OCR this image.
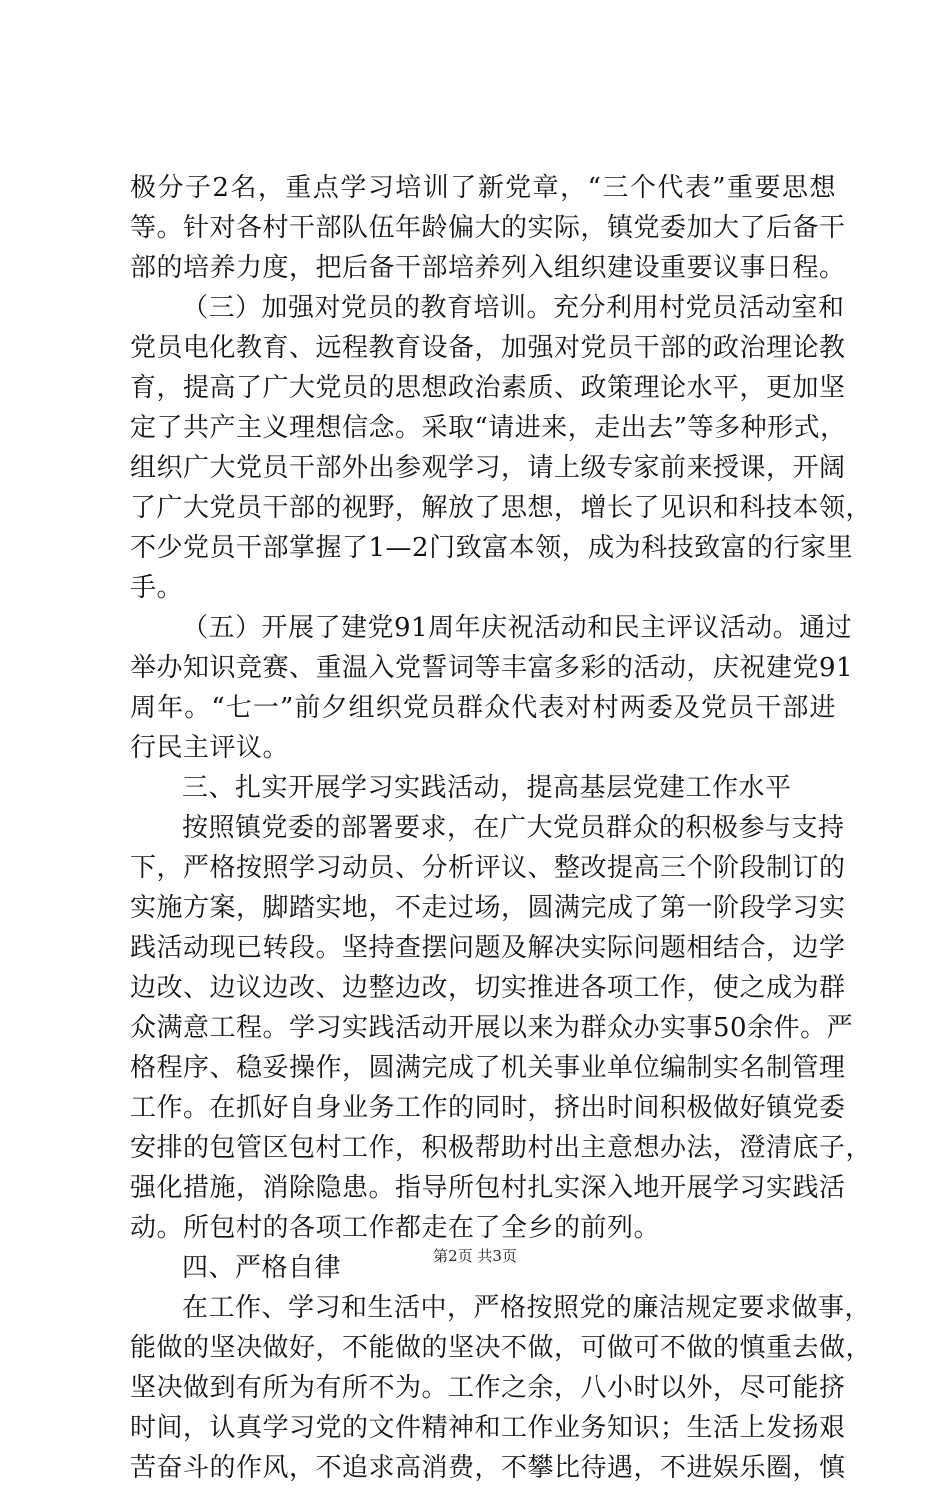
极分子2名，重点学习培训了新党章，“三个代表”重要思想
等。针对各村干部队伍年龄偏大的实际，镇党委加大了后备干
部的培养力度，把后备干部培养列入组织建设重要议事日程。
（三）加强对党员的教育培训。充分利用村党员活动室和
党员电化教育、远程教育设备，加强对党员干部的政治理论教
育，提高了广大党员的思想政治素质、政策理论水平，更加坚
定了共产主义理想信念。采取“请进来，走出去”等多种形式，
组织广大党员干部外出参观学习，请上级专家前来授课，开阔
了广大党员干部的视野，解放了思想，增长了见识和科技本领，
不少党员干部掌握了1—2门致富本领，成为科技致富的行家里
手。
（五）开展了建党91周年庆祝活动和民主评议活动。通过
举办知识竞赛、重温入党誓词等丰富多彩的活动，庆祝建党91
周年。“七一”前夕组织党员群众代表对村两委及党员干部进
行民主评议。
三、扎实开展学习实践活动，提高基层党建工作水平
按照镇党委的部署要求，在广大党员群众的积极参与支持
下，严格按照学习动员、分析评议、整改提高三个阶段制订的
实施方案，脚踏实地，不走过场，圆满完成了第一阶段学习实
践活动现已转段。坚持查摆问题及解决实际问题相结合，边学
边改、边议边改、边整边改，切实推进各项工作，使之成为群
众满意工程。学习实践活动开展以来为群众办实事50余件。严
格程序、稳妥操作，圆满完成了机关事业单位编制实名制管理
工作。在抓好自身业务工作的同时，挤出时间积极做好镇党委
安排的包管区包村工作，积极帮助村出主意想办法，澄清底子，
强化措施，消除隐患。指导所包村扎实深入地开展学习实践活
动。所包村的各项工作都走在了全乡的前列。
四、严格自律
在工作、学习和生活中，严格按照党的廉洁规定要求做事，
能做的坚决做好，不能做的坚决不做，可做可不做的慎重去做，
坚决做到有所为有所不为。工作之余，八小时以外，尽可能挤
时间，认真学习党的文件精神和工作业务知识；生活上发扬艰
苦奋斗的作风，不追求高消费，不攀比待遇，不进娱乐圈，慎
第2页 共3页
